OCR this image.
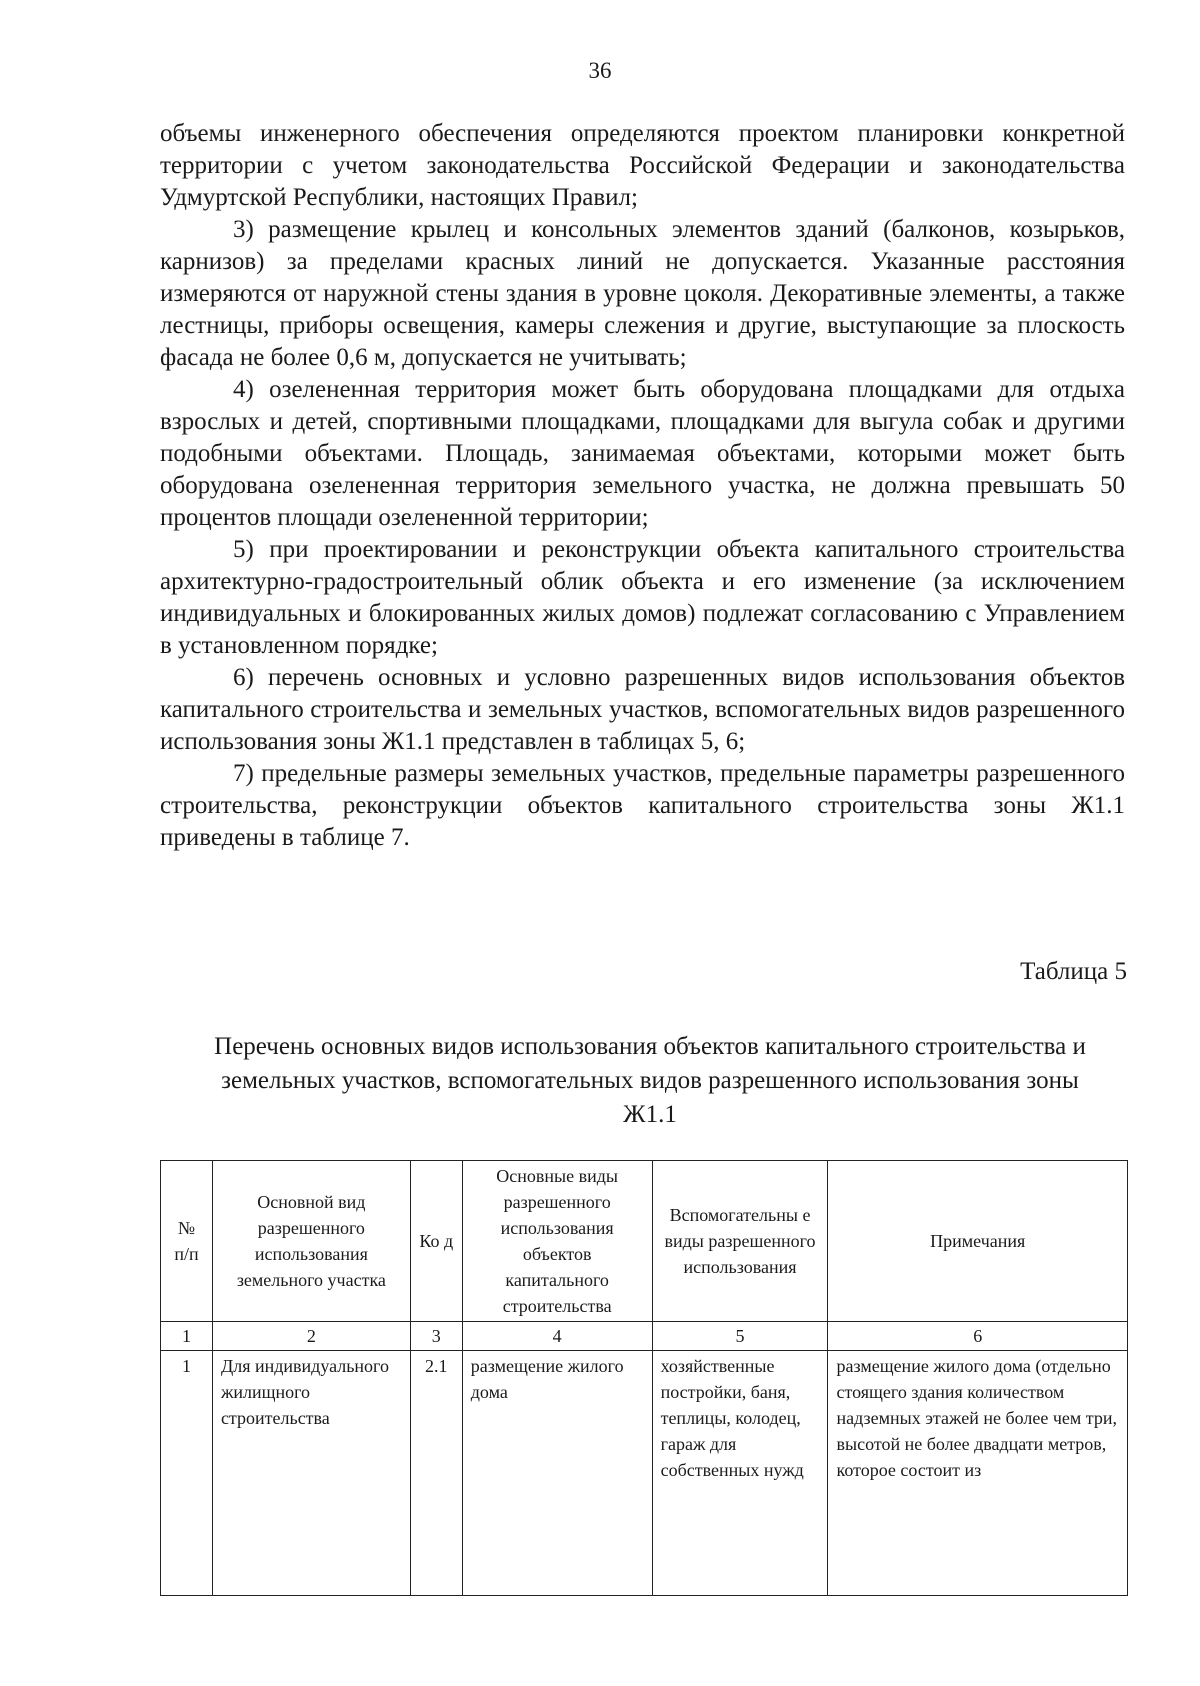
36

объемы инженерного обеспечения определяются проектом планировки конкретной территории с учетом законодательства Российской Федерации и законодательства Удмуртской Республики, настоящих Правил;

3) размещение крылец и консольных элементов зданий (балконов, козырьков, карнизов) за пределами красных линий не допускается. Указанные расстояния измеряются от наружной стены здания в уровне цоколя. Декоративные элементы, а также лестницы, приборы освещения, камеры слежения и другие, выступающие за плоскость фасада не более 0,6 м, допускается не учитывать;

4) озелененная территория может быть оборудована площадками для отдыха взрослых и детей, спортивными площадками, площадками для выгула собак и другими подобными объектами. Площадь, занимаемая объектами, которыми может быть оборудована озелененная территория земельного участка, не должна превышать 50 процентов площади озелененной территории;

5) при проектировании и реконструкции объекта капитального строительства архитектурно-градостроительный облик объекта и его изменение (за исключением индивидуальных и блокированных жилых домов) подлежат согласованию с Управлением в установленном порядке;

6) перечень основных и условно разрешенных видов использования объектов капитального строительства и земельных участков, вспомогательных видов разрешенного использования зоны Ж1.1 представлен в таблицах 5, 6;

7) предельные размеры земельных участков, предельные параметры разрешенного строительства, реконструкции объектов капитального строительства зоны Ж1.1 приведены в таблице 7.

Таблица 5
Перечень основных видов использования объектов капитального строительства и земельных участков, вспомогательных видов разрешенного использования зоны Ж1.1
№ п/п	Основной вид разрешенного использования земельного участка	Ко д	Основные виды разрешенного использования объектов капитального строительства	Вспомогательны е виды разрешенного использования	Примечания
1	2	3	4	5	6
1	Для индивидуального жилищного строительства	2.1	размещение жилого дома	хозяйственные постройки, баня, теплицы, колодец, гараж для собственных нужд	размещение жилого дома (отдельно стоящего здания количеством надземных этажей не более чем три, высотой не более двадцати метров, которое состоит из
